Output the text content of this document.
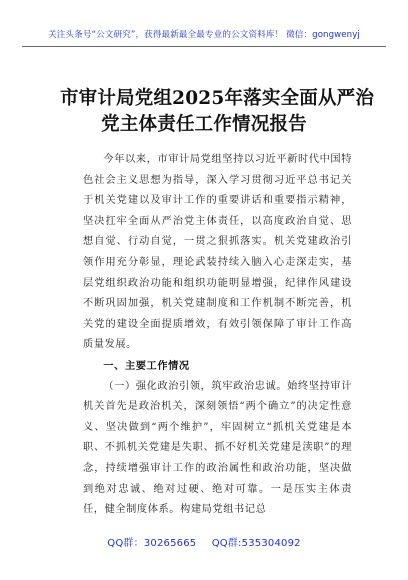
关注头条号“公文研究”，获得最新最全最专业的公文资料库！ 微信：gongwenyj
市审计局党组2025年落实全面从严治
党主体责任工作情况报告

今年以来，市审计局党组坚持以习近平新时代中国特色社会主义思想为指导，深入学习贯彻习近平总书记关于机关党建以及审计工作的重要讲话和重要指示精神，坚决扛牢全面从严治党主体责任，以高度政治自觉、思想自觉、行动自觉，一贯之狠抓落实。机关党建政治引领作用充分彰显，理论武装持续入脑入心走深走实，基层党组织政治功能和组织功能明显增强，纪律作风建设不断巩固加强，机关党建制度和工作机制不断完善，机关党的建设全面提质增效，有效引领保障了审计工作高质量发展。

一、主要工作情况

（一）强化政治引领，筑牢政治忠诚。始终坚持审计机关首先是政治机关，深刻领悟“两个确立”的决定性意义、坚决做到“两个维护”，牢固树立“抓机关党建是本职、不抓机关党建是失职、抓不好机关党建是渎职”的理念，持续增强审计工作的政治属性和政治功能，坚决做到绝对忠诚、绝对过硬、绝对可靠。一是压实主体责任，健全制度体系。构建局党组书记总

QQ群：30265665 QQ群:535304092
